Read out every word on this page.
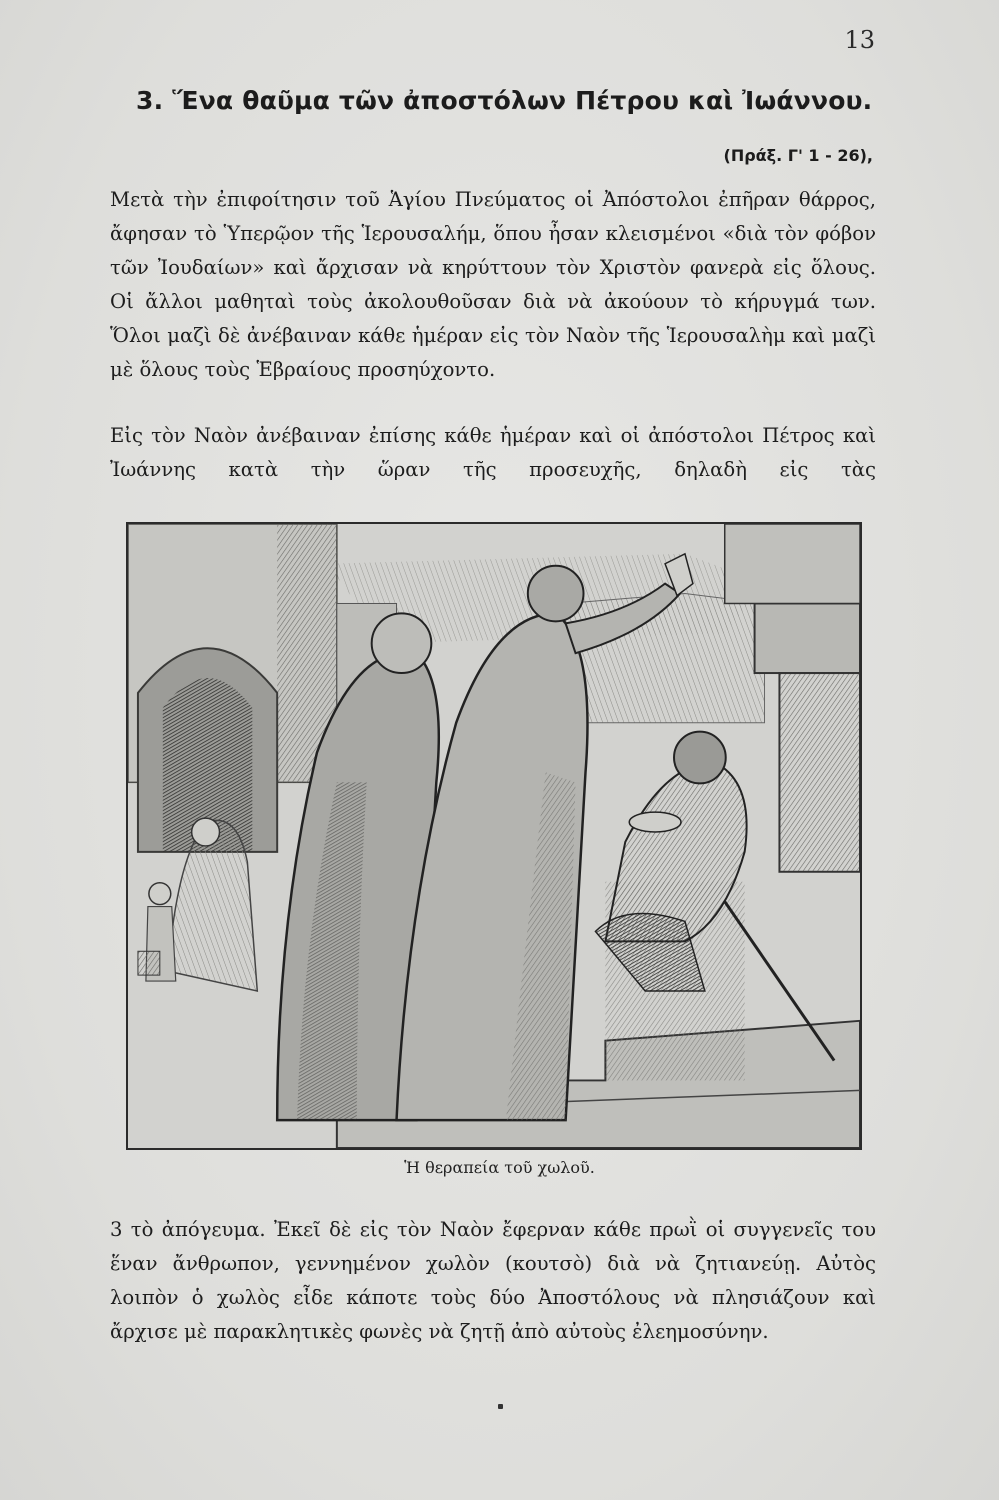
13
3. Ἕνα θαῦμα τῶν ἀποστόλων Πέτρου καὶ Ἰωάννου.
(Πράξ. Γ' 1 - 26),

Μετὰ τὴν ἐπιφοίτησιν τοῦ Ἁγίου Πνεύματος οἱ Ἀπόστολοι ἐπῆραν θάρρος, ἄφησαν τὸ Ὑπερῷον τῆς Ἱερουσαλήμ, ὅπου ἦσαν κλεισμένοι «διὰ τὸν φόβον τῶν Ἰουδαίων» καὶ ἄρχισαν νὰ κηρύττουν τὸν Χριστὸν φανερὰ εἰς ὅλους. Οἱ ἄλλοι μαθηταὶ τοὺς ἀκολουθοῦσαν διὰ νὰ ἀκούουν τὸ κήρυγμά των. Ὅλοι μαζὶ δὲ ἀνέβαιναν κάθε ἡμέραν εἰς τὸν Ναὸν τῆς Ἱερουσαλὴμ καὶ μαζὶ μὲ ὅλους τοὺς Ἑβραίους προσηύχοντο.

Εἰς τὸν Ναὸν ἀνέβαιναν ἐπίσης κάθε ἡμέραν καὶ οἱ ἀπόστολοι Πέτρος καὶ Ἰωάννης κατὰ τὴν ὥραν τῆς προσευχῆς, δηλαδὴ εἰς τὰς

Ἡ θεραπεία τοῦ χωλοῦ.

3 τὸ ἀπόγευμα. Ἐκεῖ δὲ εἰς τὸν Ναὸν ἔφερναν κάθε πρωῒ οἱ συγγενεῖς του ἕναν ἄνθρωπον, γεννημένον χωλὸν (κουτσὸ) διὰ νὰ ζητιανεύῃ. Αὐτὸς λοιπὸν ὁ χωλὸς εἶδε κάποτε τοὺς δύο Ἀποστόλους νὰ πλησιάζουν καὶ ἄρχισε μὲ παρακλητικὲς φωνὲς νὰ ζητῇ ἀπὸ αὐτοὺς ἐλεημοσύνην.
